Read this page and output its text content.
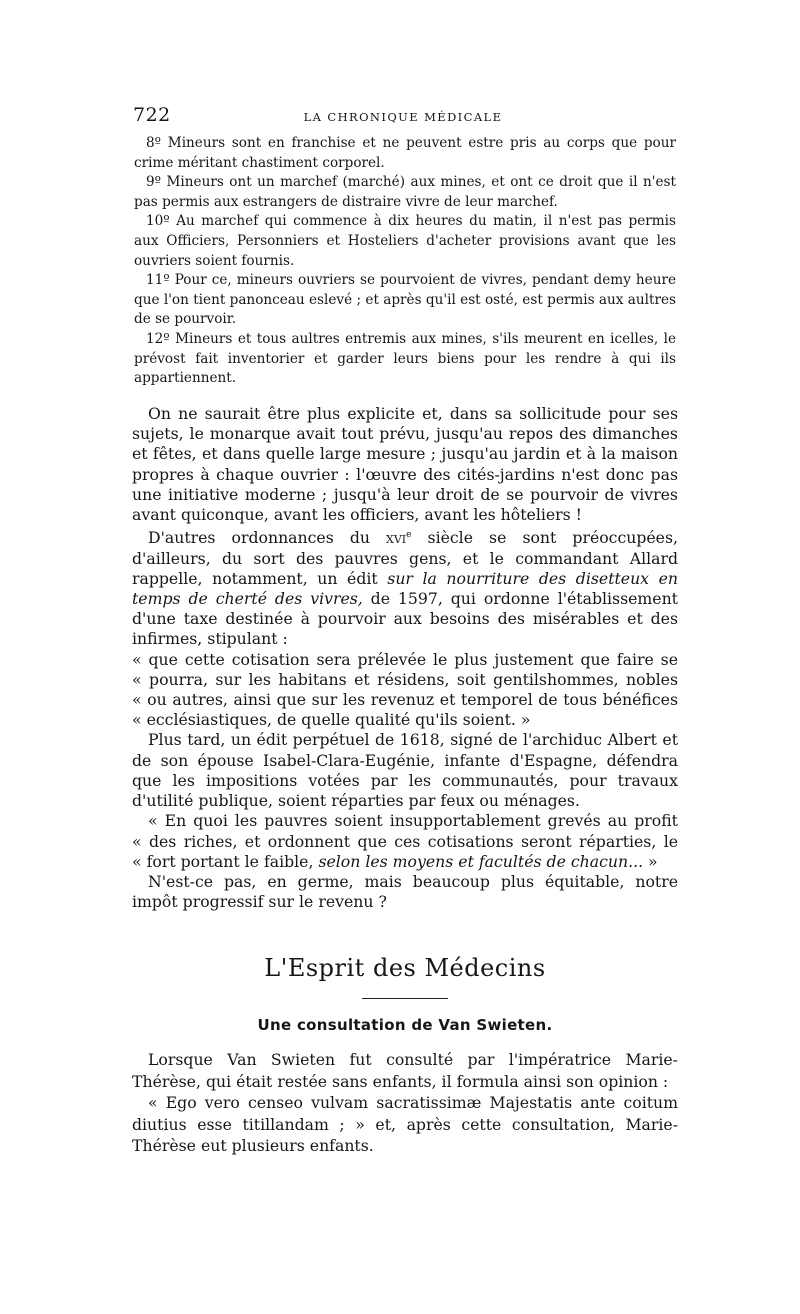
722	LA CHRONIQUE MÉDICALE

8º Mineurs sont en franchise et ne peuvent estre pris au corps que pour crime méritant chastiment corporel.

9º Mineurs ont un marchef (marché) aux mines, et ont ce droit que il n'est pas permis aux estrangers de distraire vivre de leur marchef.

10º Au marchef qui commence à dix heures du matin, il n'est pas permis aux Officiers, Personniers et Hosteliers d'acheter provisions avant que les ouvriers soient fournis.

11º Pour ce, mineurs ouvriers se pourvoient de vivres, pendant demy heure que l'on tient panonceau eslevé ; et après qu'il est osté, est permis aux aultres de se pourvoir.

12º Mineurs et tous aultres entremis aux mines, s'ils meurent en icelles, le prévost fait inventorier et garder leurs biens pour les rendre à qui ils appartiennent.

On ne saurait être plus explicite et, dans sa sollicitude pour ses sujets, le monarque avait tout prévu, jusqu'au repos des dimanches et fêtes, et dans quelle large mesure ; jusqu'au jardin et à la maison propres à chaque ouvrier : l'œuvre des cités-jardins n'est donc pas une initiative moderne ; jusqu'à leur droit de se pourvoir de vivres avant quiconque, avant les officiers, avant les hôteliers !

D'autres ordonnances du xvi$^e$ siècle se sont préoccupées, d'ailleurs, du sort des pauvres gens, et le commandant Allard rappelle, notamment, un édit sur la nourriture des disetteux en temps de cherté des vivres, de 1597, qui ordonne l'établissement d'une taxe destinée à pourvoir aux besoins des misérables et des infirmes, stipulant :

« que cette cotisation sera prélevée le plus justement que faire se

« pourra, sur les habitans et résidens, soit gentilshommes, nobles

« ou autres, ainsi que sur les revenuz et temporel de tous bénéfices

« ecclésiastiques, de quelle qualité qu'ils soient. »

Plus tard, un édit perpétuel de 1618, signé de l'archiduc Albert et de son épouse Isabel-Clara-Eugénie, infante d'Espagne, défendra que les impositions votées par les communautés, pour travaux d'utilité publique, soient réparties par feux ou ménages.

« En quoi les pauvres soient insupportablement grevés au profit

« des riches, et ordonnent que ces cotisations seront réparties, le

« fort portant le faible, selon les moyens et facultés de chacun... »

N'est-ce pas, en germe, mais beaucoup plus équitable, notre impôt progressif sur le revenu ?

L'Esprit des Médecins
Une consultation de Van Swieten.

Lorsque Van Swieten fut consulté par l'impératrice Marie-Thérèse, qui était restée sans enfants, il formula ainsi son opinion :

« Ego vero censeo vulvam sacratissimæ Majestatis ante coitum diutius esse titillandam ; » et, après cette consultation, Marie-Thérèse eut plusieurs enfants.
